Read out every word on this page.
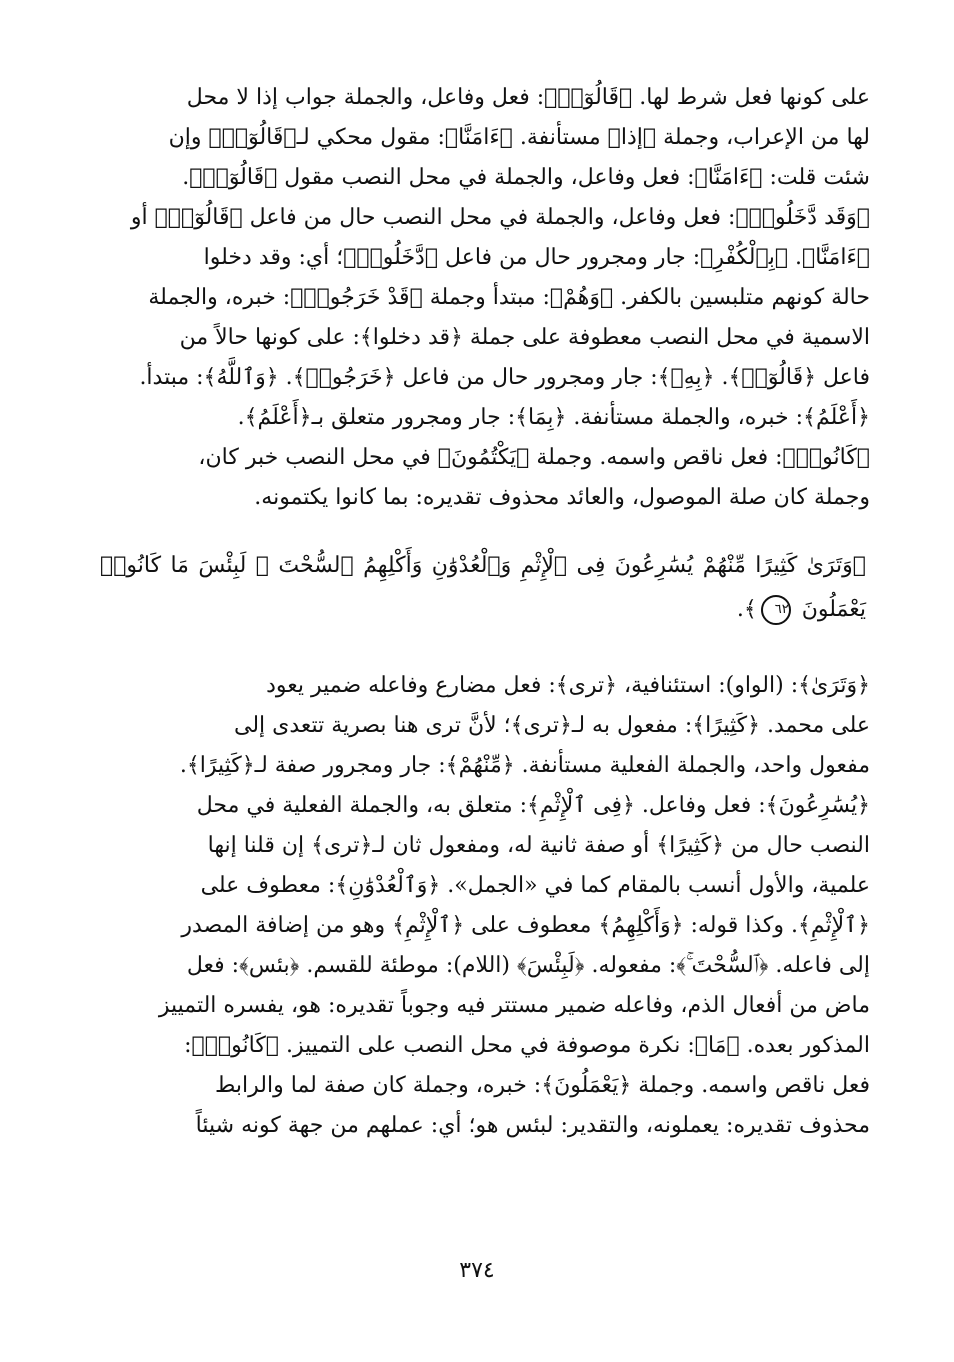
على كونها فعل شرط لها. ﴿قَالُوٓا۟﴾: فعل وفاعل، والجملة جواب إذا لا محل

لها من الإعراب، وجملة ﴿إذا﴾ مستأنفة. ﴿ءَامَنَّا﴾: مقول محكي لـ﴿قَالُوٓا۟﴾ وإن

شئت قلت: ﴿ءَامَنَّا﴾: فعل وفاعل، والجملة في محل النصب مقول ﴿قَالُوٓا۟﴾.

﴿وَقَد دَّخَلُوا۟﴾: فعل وفاعل، والجملة في محل النصب حال من فاعل ﴿قَالُوٓا۟﴾ أو

﴿ءَامَنَّا﴾. ﴿بِٱلْكُفْرِ﴾: جار ومجرور حال من فاعل ﴿دَّخَلُوا۟﴾؛ أي: وقد دخلوا

حالة كونهم متلبسين بالكفر. ﴿وَهُمْ﴾: مبتدأ وجملة ﴿قَدْ خَرَجُوا۟﴾: خبره، والجملة

الاسمية في محل النصب معطوفة على جملة ﴿قد دخلوا﴾: على كونها حالاً من

فاعل ﴿قَالُوٓا۟﴾. ﴿بِهِۦ﴾: جار ومجرور حال من فاعل ﴿خَرَجُوا۟﴾. ﴿وَٱللَّهُ﴾: مبتدأ.

﴿أَعْلَمُ﴾: خبره، والجملة مستأنفة. ﴿بِمَا﴾: جار ومجرور متعلق بـ﴿أَعْلَمُ﴾.

﴿كَانُوا۟﴾: فعل ناقص واسمه. وجملة ﴿يَكْتُمُونَ﴾ في محل النصب خبر كان،

وجملة كان صلة الموصول، والعائد محذوف تقديره: بما كانوا يكتمونه.

﴿وَتَرَىٰ كَثِيرًا مِّنْهُمْ يُسَٰرِعُونَ فِى ٱلْإِثْمِ وَٱلْعُدْوَٰنِ وَأَكْلِهِمُ ٱلسُّحْتَ ۚ لَبِئْسَ مَا كَانُوا۟ يَعْمَلُونَ ٦٢﴾.

﴿وَتَرَىٰ﴾: (الواو): استئنافية، ﴿ترى﴾: فعل مضارع وفاعله ضمير يعود

على محمد. ﴿كَثِيرًا﴾: مفعول به لـ﴿ترى﴾؛ لأنَّ ترى هنا بصرية تتعدى إلى

مفعول واحد، والجملة الفعلية مستأنفة. ﴿مِّنْهُمْ﴾: جار ومجرور صفة لـ﴿كَثِيرًا﴾.

﴿يُسَٰرِعُونَ﴾: فعل وفاعل. ﴿فِى ٱلْإِثْمِ﴾: متعلق به، والجملة الفعلية في محل

النصب حال من ﴿كَثِيرًا﴾ أو صفة ثانية له، ومفعول ثان لـ﴿ترى﴾ إن قلنا إنها

علمية، والأول أنسب بالمقام كما في «الجمل». ﴿وَٱلْعُدْوَٰنِ﴾: معطوف على

﴿ٱلْإِثْمِ﴾. وكذا قوله: ﴿وَأَكْلِهِمُ﴾ معطوف على ﴿ٱلْإِثْمِ﴾ وهو من إضافة المصدر

إلى فاعله. ﴿ٱلسُّحْتَ ۚ﴾: مفعوله. ﴿لَبِئْسَ﴾ (اللام): موطئة للقسم. ﴿بئس﴾: فعل

ماض من أفعال الذم، وفاعله ضمير مستتر فيه وجوباً تقديره: هو، يفسره التمييز

المذكور بعده. ﴿مَا﴾: نكرة موصوفة في محل النصب على التمييز. ﴿كَانُوا۟﴾:

فعل ناقص واسمه. وجملة ﴿يَعْمَلُونَ﴾: خبره، وجملة كان صفة لما والرابط

محذوف تقديره: يعملونه، والتقدير: لبئس هو؛ أي: عملهم من جهة كونه شيئاً

٣٧٤
